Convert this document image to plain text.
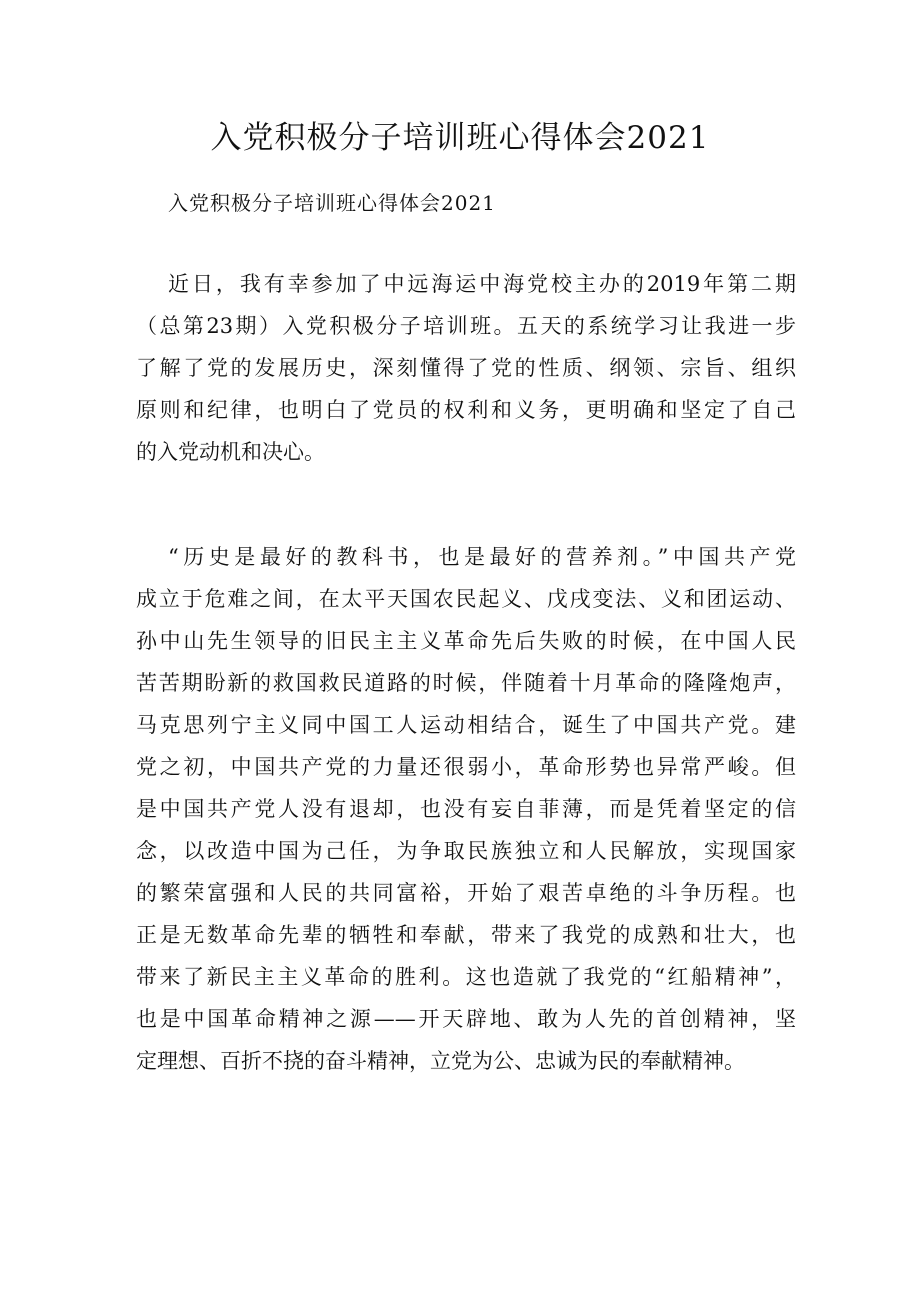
入党积极分子培训班心得体会2021
入党积极分子培训班心得体会2021
近日，我有幸参加了中远海运中海党校主办的2019年第二期
（总第23期）入党积极分子培训班。五天的系统学习让我进一步
了解了党的发展历史，深刻懂得了党的性质、纲领、宗旨、组织
原则和纪律，也明白了党员的权利和义务，更明确和坚定了自己
的入党动机和决心。
“历史是最好的教科书，也是最好的营养剂。”中国共产党
成立于危难之间，在太平天国农民起义、戊戌变法、义和团运动、
孙中山先生领导的旧民主主义革命先后失败的时候，在中国人民
苦苦期盼新的救国救民道路的时候，伴随着十月革命的隆隆炮声，
马克思列宁主义同中国工人运动相结合，诞生了中国共产党。建
党之初，中国共产党的力量还很弱小，革命形势也异常严峻。但
是中国共产党人没有退却，也没有妄自菲薄，而是凭着坚定的信
念，以改造中国为己任，为争取民族独立和人民解放，实现国家
的繁荣富强和人民的共同富裕，开始了艰苦卓绝的斗争历程。也
正是无数革命先辈的牺牲和奉献，带来了我党的成熟和壮大，也
带来了新民主主义革命的胜利。这也造就了我党的“红船精神”，
也是中国革命精神之源——开天辟地、敢为人先的首创精神，坚
定理想、百折不挠的奋斗精神，立党为公、忠诚为民的奉献精神。
